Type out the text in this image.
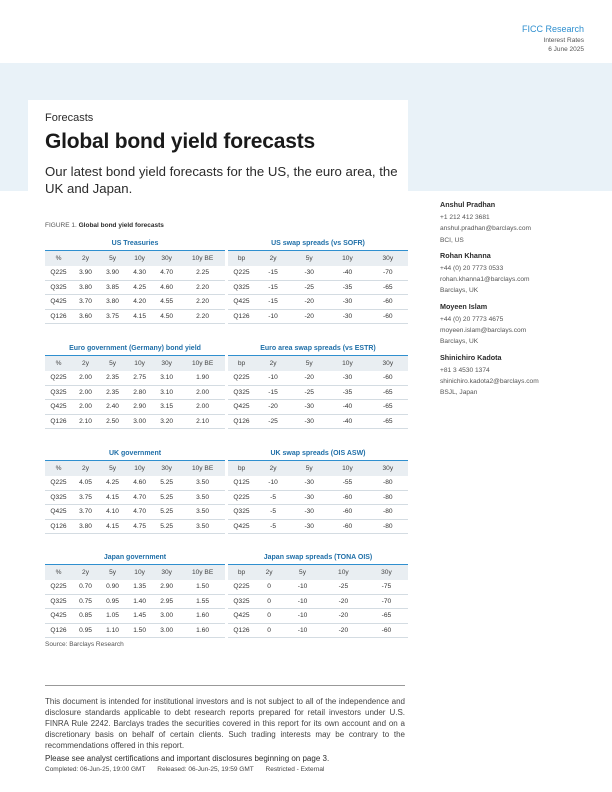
FICC Research
Interest Rates
6 June 2025
Forecasts
Global bond yield forecasts
Our latest bond yield forecasts for the US, the euro area, the UK and Japan.
FIGURE 1. Global bond yield forecasts
US Treasuries
%	2y	5y	10y	30y	10y BE
Q225	3.90	3.90	4.30	4.70	2.25
Q325	3.80	3.85	4.25	4.60	2.20
Q425	3.70	3.80	4.20	4.55	2.20
Q126	3.60	3.75	4.15	4.50	2.20
US swap spreads (vs SOFR)
bp	2y	5y	10y	30y
Q225	-15	-30	-40	-70
Q325	-15	-25	-35	-65
Q425	-15	-20	-30	-60
Q126	-10	-20	-30	-60
Euro government (Germany) bond yield
%	2y	5y	10y	30y	10y BE
Q225	2.00	2.35	2.75	3.10	1.90
Q325	2.00	2.35	2.80	3.10	2.00
Q425	2.00	2.40	2.90	3.15	2.00
Q126	2.10	2.50	3.00	3.20	2.10
Euro area swap spreads (vs ESTR)
bp	2y	5y	10y	30y
Q225	-10	-20	-30	-60
Q325	-15	-25	-35	-65
Q425	-20	-30	-40	-65
Q126	-25	-30	-40	-65
UK government
%	2y	5y	10y	30y	10y BE
Q225	4.05	4.25	4.60	5.25	3.50
Q325	3.75	4.15	4.70	5.25	3.50
Q425	3.70	4.10	4.70	5.25	3.50
Q126	3.80	4.15	4.75	5.25	3.50
UK swap spreads (OIS ASW)
bp	2y	5y	10y	30y
Q125	-10	-30	-55	-80
Q225	-5	-30	-60	-80
Q325	-5	-30	-60	-80
Q425	-5	-30	-60	-80
Japan government
%	2y	5y	10y	30y	10y BE
Q225	0.70	0.90	1.35	2.90	1.50
Q325	0.75	0.95	1.40	2.95	1.55
Q425	0.85	1.05	1.45	3.00	1.60
Q126	0.95	1.10	1.50	3.00	1.60
Japan swap spreads (TONA OIS)
bp	2y	5y	10y	30y
Q225	0	-10	-25	-75
Q325	0	-10	-20	-70
Q425	0	-10	-20	-65
Q126	0	-10	-20	-60
Source: Barclays Research
Anshul Pradhan
+1 212 412 3681
anshul.pradhan@barclays.com
BCI, US
Rohan Khanna
+44 (0) 20 7773 0533
rohan.khanna1@barclays.com
Barclays, UK
Moyeen Islam
+44 (0) 20 7773 4675
moyeen.islam@barclays.com
Barclays, UK
Shinichiro Kadota
+81 3 4530 1374
shinichiro.kadota2@barclays.com
BSJL, Japan
This document is intended for institutional investors and is not subject to all of the independence and disclosure standards applicable to debt research reports prepared for retail investors under U.S. FINRA Rule 2242. Barclays trades the securities covered in this report for its own account and on a discretionary basis on behalf of certain clients. Such trading interests may be contrary to the recommendations offered in this report.
Please see analyst certifications and important disclosures beginning on page 3.
Completed: 06-Jun-25, 19:00 GMT Released: 06-Jun-25, 19:59 GMT Restricted - External
